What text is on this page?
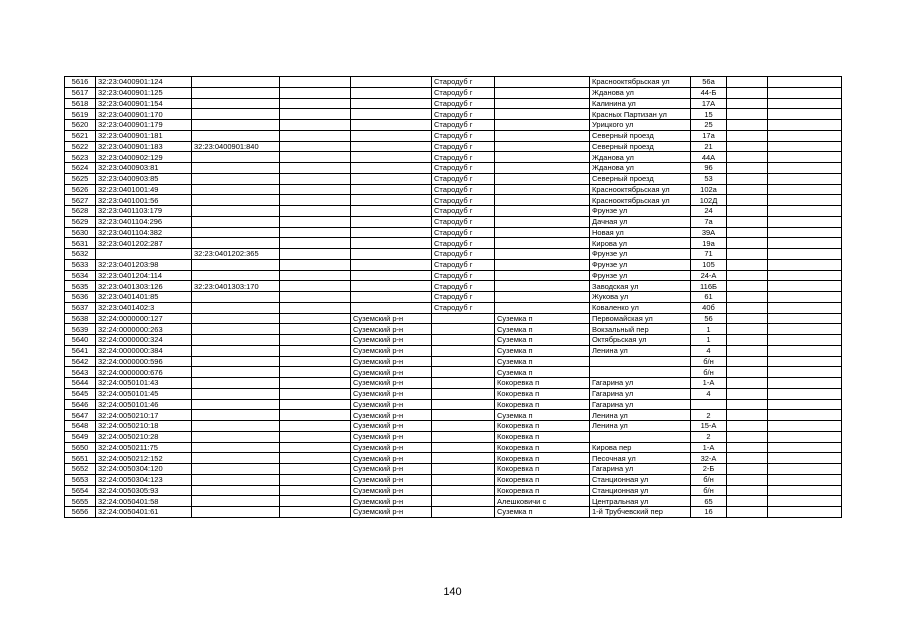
5616	32:23:0400901:124				Стародуб г		Краснооктябрьская ул	56а		
5617	32:23:0400901:125				Стародуб г		Жданова ул	44-Б		
5618	32:23:0400901:154				Стародуб г		Калинина ул	17А		
5619	32:23:0400901:170				Стародуб г		Красных Партизан ул	15		
5620	32:23:0400901:179				Стародуб г		Урицкого ул	25		
5621	32:23:0400901:181				Стародуб г		Северный проезд	17а		
5622	32:23:0400901:183	32:23:0400901:840			Стародуб г		Северный проезд	21		
5623	32:23:0400902:129				Стародуб г		Жданова ул	44А		
5624	32:23:0400903:81				Стародуб г		Жданова ул	96		
5625	32:23:0400903:85				Стародуб г		Северный проезд	53		
5626	32:23:0401001:49				Стародуб г		Краснооктябрьская ул	102а		
5627	32:23:0401001:56				Стародуб г		Краснооктябрьская ул	102Д		
5628	32:23:0401103:179				Стародуб г		Фрунзе ул	24		
5629	32:23:0401104:296				Стародуб г		Дачная ул	7а		
5630	32:23:0401104:382				Стародуб г		Новая ул	39А		
5631	32:23:0401202:287				Стародуб г		Кирова ул	19а		
5632		32:23:0401202:365			Стародуб г		Фрунзе ул	71		
5633	32:23:0401203:98				Стародуб г		Фрунзе ул	105		
5634	32:23:0401204:114				Стародуб г		Фрунзе ул	24-А		
5635	32:23:0401303:126	32:23:0401303:170			Стародуб г		Заводская ул	116Б		
5636	32:23:0401401:85				Стародуб г		Жукова ул	61		
5637	32:23:0401402:3				Стародуб г		Коваленко ул	40б		
5638	32:24:0000000:127			Суземский р-н		Суземка п	Первомайская ул	56		
5639	32:24:0000000:263			Суземский р-н		Суземка п	Вокзальный пер	1		
5640	32:24:0000000:324			Суземский р-н		Суземка п	Октябрьская ул	1		
5641	32:24:0000000:384			Суземский р-н		Суземка п	Ленина ул	4		
5642	32:24:0000000:596			Суземский р-н		Суземка п		б/н		
5643	32:24:0000000:676			Суземский р-н		Суземка п		б/н		
5644	32:24:0050101:43			Суземский р-н		Кокоревка п	Гагарина ул	1-А		
5645	32:24:0050101:45			Суземский р-н		Кокоревка п	Гагарина ул	4		
5646	32:24:0050101:46			Суземский р-н		Кокоревка п	Гагарина ул			
5647	32:24:0050210:17			Суземский р-н		Суземка п	Ленина ул	2		
5648	32:24:0050210:18			Суземский р-н		Кокоревка п	Ленина ул	15-А		
5649	32:24:0050210:28			Суземский р-н		Кокоревка п		2		
5650	32:24:0050211:75			Суземский р-н		Кокоревка п	Кирова пер	1-А		
5651	32:24:0050212:152			Суземский р-н		Кокоревка п	Песочная ул	32-А		
5652	32:24:0050304:120			Суземский р-н		Кокоревка п	Гагарина ул	2-Б		
5653	32:24:0050304:123			Суземский р-н		Кокоревка п	Станционная ул	б/н		
5654	32:24:0050305:93			Суземский р-н		Кокоревка п	Станционная ул	б/н		
5655	32:24:0050401:58			Суземский р-н		Алешковичи с	Центральная ул	65		
5656	32:24:0050401:61			Суземский р-н		Суземка п	1-й Трубчевский пер	16		
140
